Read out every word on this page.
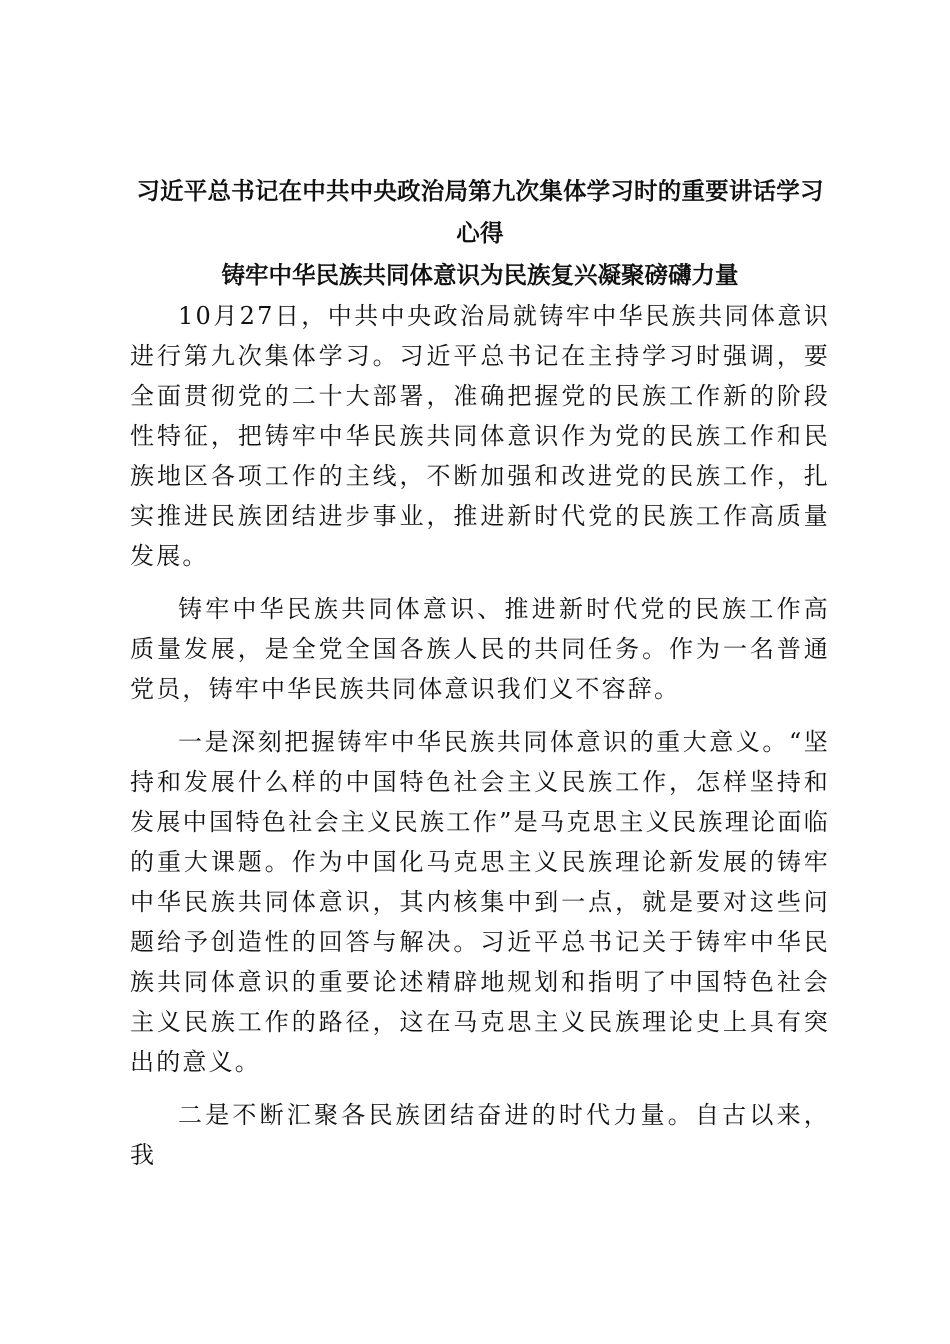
习近平总书记在中共中央政治局第九次集体学习时的重要讲话学习心得
铸牢中华民族共同体意识为民族复兴凝聚磅礴力量

10月27日，中共中央政治局就铸牢中华民族共同体意识进行第九次集体学习。习近平总书记在主持学习时强调，要全面贯彻党的二十大部署，准确把握党的民族工作新的阶段性特征，把铸牢中华民族共同体意识作为党的民族工作和民族地区各项工作的主线，不断加强和改进党的民族工作，扎实推进民族团结进步事业，推进新时代党的民族工作高质量发展。

铸牢中华民族共同体意识、推进新时代党的民族工作高质量发展，是全党全国各族人民的共同任务。作为一名普通党员，铸牢中华民族共同体意识我们义不容辞。

一是深刻把握铸牢中华民族共同体意识的重大意义。“坚持和发展什么样的中国特色社会主义民族工作，怎样坚持和发展中国特色社会主义民族工作”是马克思主义民族理论面临的重大课题。作为中国化马克思主义民族理论新发展的铸牢中华民族共同体意识，其内核集中到一点，就是要对这些问题给予创造性的回答与解决。习近平总书记关于铸牢中华民族共同体意识的重要论述精辟地规划和指明了中国特色社会主义民族工作的路径，这在马克思主义民族理论史上具有突出的意义。

二是不断汇聚各民族团结奋进的时代力量。自古以来，我
